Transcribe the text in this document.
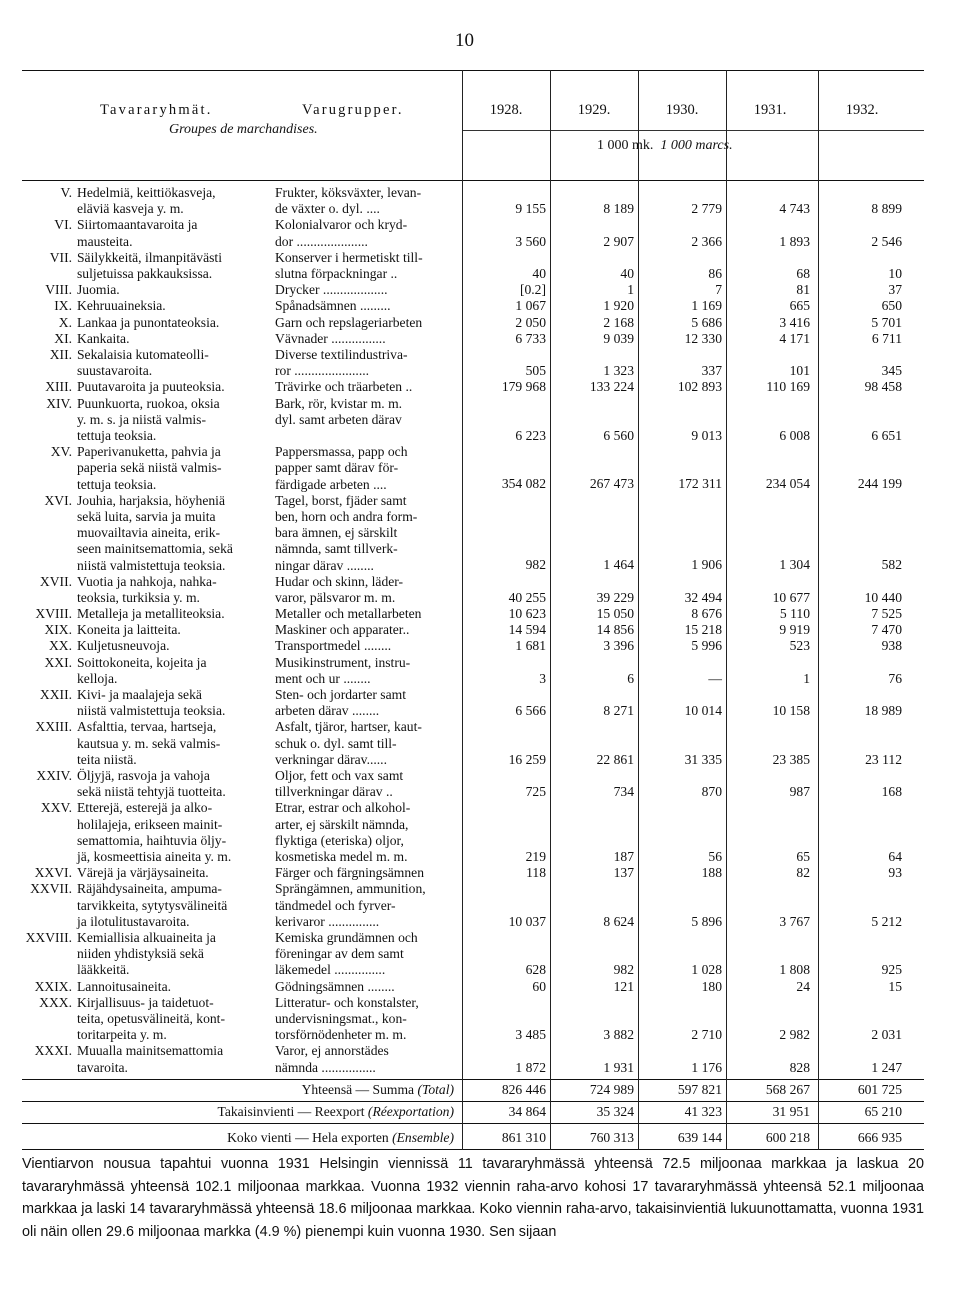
10
Tavararyhmät.	Varugrupper.
Groupes de marchandises.
1928.	1929.	1930.	1931.	1932.
1 000 mk. 1 000 marcs.
V. Hedelmiä, keittiökasveja,
eläviä kasveja y. m.
Frukter, köksväxter, levan-
de växter o. dyl. ....	9 155	8 189	2 779	4 743	8 899
VI. Siirtomaantavaroita ja
mausteita.
Kolonialvaror och kryd-
dor .....................	3 560	2 907	2 366	1 893	2 546
VII. Säilykkeitä, ilmanpitävästi
suljetuissa pakkauksissa.
Konserver i hermetiskt till-
slutna förpackningar ..	40	40	86	68	10
VIII. Juomia.	Drycker ...................	[0.2]	1	7	81	37
IX. Kehruuaineksia.	Spånadsämnen .........	1 067	1 920	1 169	665	650
X. Lankaa ja punontateoksia.	Garn och repslageriarbeten	2 050	2 168	5 686	3 416	5 701
XI. Kankaita.	Vävnader ................	6 733	9 039	12 330	4 171	6 711
XII. Sekalaisia kutomateolli-
suustavaroita.
Diverse textilindustriva-
ror ......................	505	1 323	337	101	345
XIII. Puutavaroita ja puuteoksia.	Trävirke och träarbeten ..	179 968	133 224	102 893	110 169	98 458
XIV. Puunkuorta, ruokoa, oksia
y. m. s. ja niistä valmis-
tettuja teoksia.
Bark, rör, kvistar m. m.
dyl. samt arbeten därav
6 223	6 560	9 013	6 008	6 651
XV. Paperivanuketta, pahvia ja
paperia sekä niistä valmis-
tettuja teoksia.
Pappersmassa, papp och
papper samt därav för-
färdigade arbeten ....	354 082	267 473	172 311	234 054	244 199
XVI. Jouhia, harjaksia, höyheniä
sekä luita, sarvia ja muita
muovailtavia aineita, erik-
seen mainitsemattomia, sekä
niistä valmistettuja teoksia.
Tagel, borst, fjäder samt
ben, horn och andra form-
bara ämnen, ej särskilt
nämnda, samt tillverk-
ningar därav ........	982	1 464	1 906	1 304	582
XVII. Vuotia ja nahkoja, nahka-
teoksia, turkiksia y. m.
Hudar och skinn, läder-
varor, pälsvaror m. m.	40 255	39 229	32 494	10 677	10 440
XVIII. Metalleja ja metalliteoksia.	Metaller och metallarbeten	10 623	15 050	8 676	5 110	7 525
XIX. Koneita ja laitteita.	Maskiner och apparater..	14 594	14 856	15 218	9 919	7 470
XX. Kuljetusneuvoja.	Transportmedel ........	1 681	3 396	5 996	523	938
XXI. Soittokoneita, kojeita ja
kelloja.
Musikinstrument, instru-
ment och ur ........	3	6	—	1	76
XXII. Kivi- ja maalajeja sekä
niistä valmistettuja teoksia.
Sten- och jordarter samt
arbeten därav ........	6 566	8 271	10 014	10 158	18 989
XXIII. Asfalttia, tervaa, hartseja,
kautsua y. m. sekä valmis-
teita niistä.
Asfalt, tjäror, hartser, kaut-
schuk o. dyl. samt till-
verkningar därav......	16 259	22 861	31 335	23 385	23 112
XXIV. Öljyjä, rasvoja ja vahoja
sekä niistä tehtyjä tuotteita.
Oljor, fett och vax samt
tillverkningar därav ..	725	734	870	987	168
XXV. Etterejä, esterejä ja alko-
holilajeja, erikseen mainit-
semattomia, haihtuvia öljy-
jä, kosmeettisia aineita y. m.
Etrar, estrar och alkohol-
arter, ej särskilt nämnda,
flyktiga (eteriska) oljor,
kosmetiska medel m. m.	219	187	56	65	64
XXVI. Värejä ja värjäysaineita.	Färger och färgningsämnen	118	137	188	82	93
XXVII. Räjähdysaineita, ampuma-
tarvikkeita, sytytysvälineitä
ja ilotulitustavaroita.
Sprängämnen, ammunition,
tändmedel och fyrver-
kerivaror ...............	10 037	8 624	5 896	3 767	5 212
XXVIII. Kemiallisia alkuaineita ja
niiden yhdistyksiä sekä
lääkkeitä.
Kemiska grundämnen och
föreningar av dem samt
läkemedel ...............	628	982	1 028	1 808	925
XXIX. Lannoitusaineita.	Gödningsämnen ........	60	121	180	24	15
XXX. Kirjallisuus- ja taidetuot-
teita, opetusvälineitä, kont-
toritarpeita y. m.
Litteratur- och konstalster,
undervisningsmat., kon-
torsförnödenheter m. m.	3 485	3 882	2 710	2 982	2 031
XXXI. Muualla mainitsemattomia
tavaroita.
Varor, ej annorstädes
nämnda ................	1 872	1 931	1 176	828	1 247
Yhteensä — Summa (Total)	826 446	724 989	597 821	568 267	601 725
Takaisinvienti — Reexport (Réexportation)	34 864	35 324	41 323	31 951	65 210
Koko vienti — Hela exporten (Ensemble)	861 310	760 313	639 144	600 218	666 935
Vientiarvon nousua tapahtui vuonna 1931 Helsingin viennissä 11 tavararyhmässä yhteensä 72.5 miljoonaa markkaa ja laskua 20 tavararyhmässä yhteensä 102.1 miljoonaa markkaa. Vuonna 1932 viennin raha-arvo kohosi 17 tavararyhmässä yhteensä 52.1 miljoonaa markkaa ja laski 14 tavararyhmässä yhteensä 18.6 miljoonaa markkaa. Koko viennin raha-arvo, takaisinvientiä lukuunottamatta, vuonna 1931 oli näin ollen 29.6 miljoonaa markka (4.9 %) pienempi kuin vuonna 1930. Sen sijaan
